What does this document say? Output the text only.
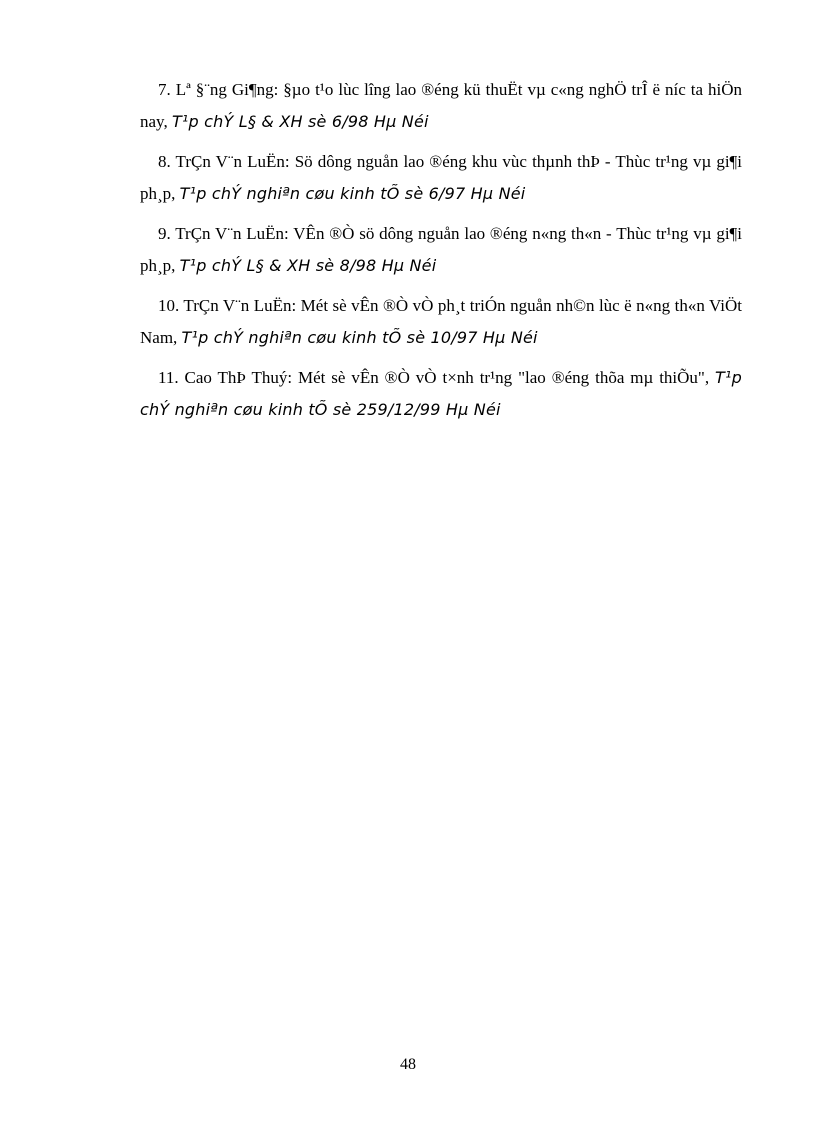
7. Lª §¨ng Gi¶ng: §µo t¹o lùc lîng lao ®éng kü thuËt vµ c«ng nghÖ trÎ ë níc ta hiÖn nay, T¹p chÝ L§ & XH sè 6/98 Hµ Néi

8. TrÇn V¨n LuËn: Sö dông nguån lao ®éng khu vùc thµnh thÞ - Thùc tr¹ng vµ gi¶i ph¸p, T¹p chÝ nghiªn cøu kinh tÕ sè 6/97 Hµ Néi

9. TrÇn V¨n LuËn: VÊn ®Ò sö dông nguån lao ®éng n«ng th«n - Thùc tr¹ng vµ gi¶i ph¸p, T¹p chÝ L§ & XH sè 8/98 Hµ Néi

10. TrÇn V¨n LuËn: Mét sè vÊn ®Ò vÒ ph¸t triÓn nguån nh©n lùc ë n«ng th«n ViÖt Nam, T¹p chÝ nghiªn cøu kinh tÕ sè 10/97 Hµ Néi

11. Cao ThÞ Thuý: Mét sè vÊn ®Ò vÒ t×nh tr¹ng "lao ®éng thõa mµ thiÕu", T¹p chÝ nghiªn cøu kinh tÕ sè 259/12/99 Hµ Néi

48
